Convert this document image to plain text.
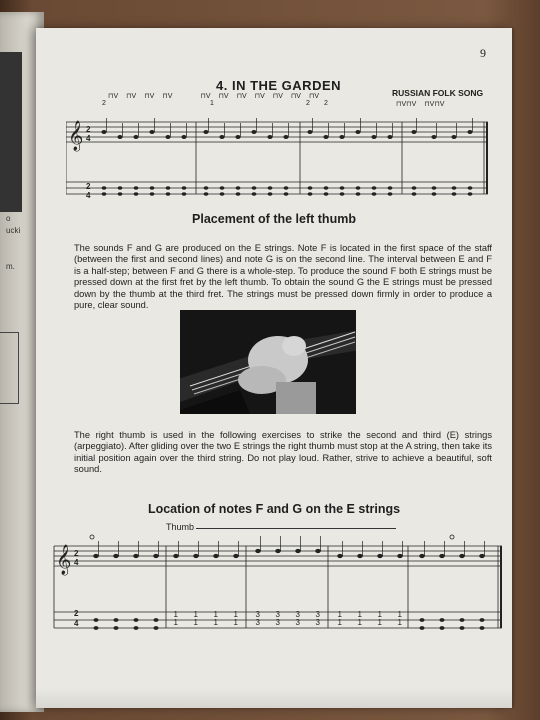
and
o
ucki
m.
9
4. IN THE GARDEN	RUSSIAN FOLK SONG
⊓V ⊓V ⊓V ⊓V	⊓V ⊓V ⊓V ⊓V ⊓V ⊓V ⊓V
⊓V⊓V ⊓V⊓V
𝄞 2
4
2
4
2	1	2 2
Placement of the left thumb
The sounds F and G are produced on the E strings. Note F is located in the first space of the staff (between the first and second lines) and note G is on the second line. The interval between E and F is a half-step; between F and G there is a whole-step. To produce the sound F both E strings must be pressed down at the first fret by the left thumb. To obtain the sound G the E strings must be pressed down by the thumb at the third fret. The strings must be pressed down firmly in order to produce a pure, clear sound.
The right thumb is used in the following exercises to strike the second and third (E) strings (arpeggiato). After gliding over the two E strings the right thumb must stop at the A string, then take its initial position again over the third string. Do not play loud. Rather, strive to achieve a beautiful, soft sound.
Location of notes F and G on the E strings
Thumb
𝄞 2
4
2
4
1
1
1
1
1
1
1
1
3
3
3
3
3
3
3
3
1
1
1
1
1
1
1
1
